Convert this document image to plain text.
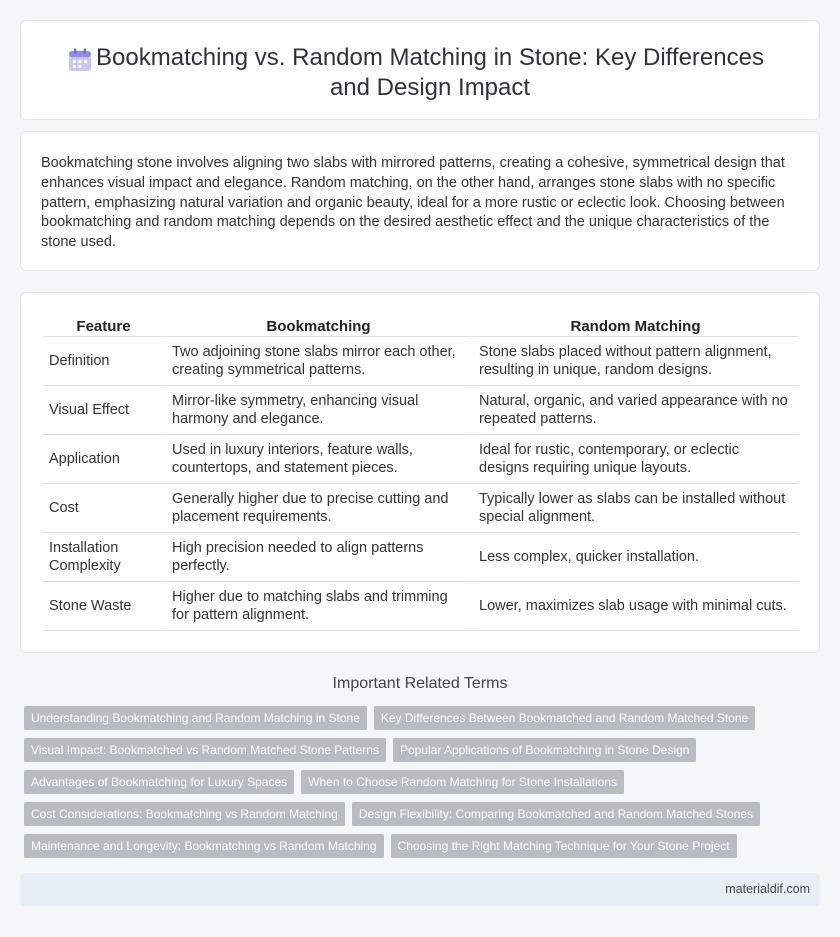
Bookmatching vs. Random Matching in Stone: Key Differences and Design Impact

Bookmatching stone involves aligning two slabs with mirrored patterns, creating a cohesive, symmetrical design that enhances visual impact and elegance. Random matching, on the other hand, arranges stone slabs with no specific pattern, emphasizing natural variation and organic beauty, ideal for a more rustic or eclectic look. Choosing between bookmatching and random matching depends on the desired aesthetic effect and the unique characteristics of the stone used.

Feature	Bookmatching	Random Matching
Definition	Two adjoining stone slabs mirror each other, creating symmetrical patterns.	Stone slabs placed without pattern alignment, resulting in unique, random designs.
Visual Effect	Mirror-like symmetry, enhancing visual harmony and elegance.	Natural, organic, and varied appearance with no repeated patterns.
Application	Used in luxury interiors, feature walls, countertops, and statement pieces.	Ideal for rustic, contemporary, or eclectic designs requiring unique layouts.
Cost	Generally higher due to precise cutting and placement requirements.	Typically lower as slabs can be installed without special alignment.
Installation Complexity	High precision needed to align patterns perfectly.	Less complex, quicker installation.
Stone Waste	Higher due to matching slabs and trimming for pattern alignment.	Lower, maximizes slab usage with minimal cuts.
Important Related Terms
Understanding Bookmatching and Random Matching in Stone	Key Differences Between Bookmatched and Random Matched Stone
Visual Impact: Bookmatched vs Random Matched Stone Patterns	Popular Applications of Bookmatching in Stone Design
Advantages of Bookmatching for Luxury Spaces	When to Choose Random Matching for Stone Installations
Cost Considerations: Bookmatching vs Random Matching	Design Flexibility: Comparing Bookmatched and Random Matched Stones
Maintenance and Longevity: Bookmatching vs Random Matching	Choosing the Right Matching Technique for Your Stone Project
materialdif.com
